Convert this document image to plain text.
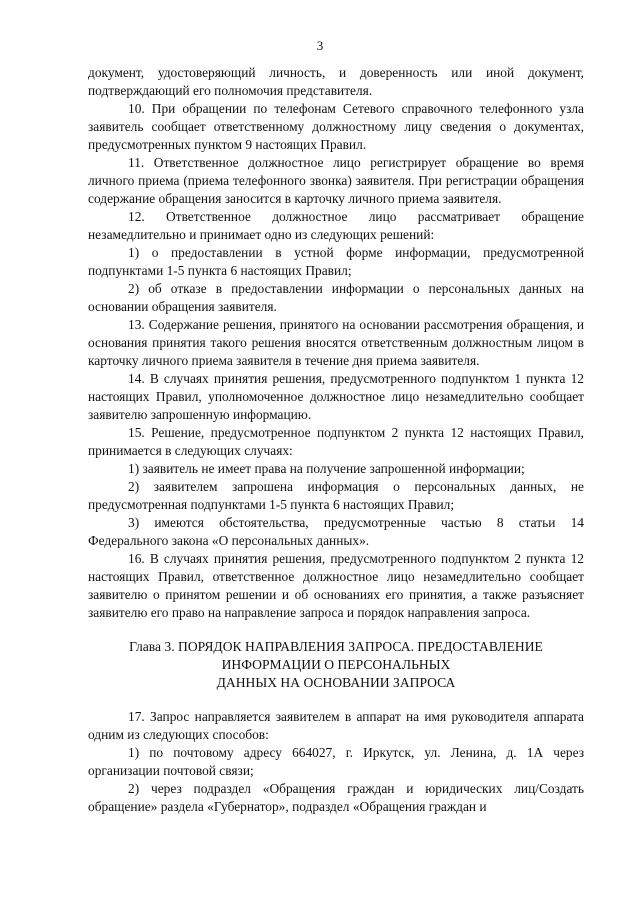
3

документ, удостоверяющий личность, и доверенность или иной документ, подтверждающий его полномочия представителя.

10. При обращении по телефонам Сетевого справочного телефонного узла заявитель сообщает ответственному должностному лицу сведения о документах, предусмотренных пунктом 9 настоящих Правил.

11. Ответственное должностное лицо регистрирует обращение во время личного приема (приема телефонного звонка) заявителя. При регистрации обращения содержание обращения заносится в карточку личного приема заявителя.

12. Ответственное должностное лицо рассматривает обращение незамедлительно и принимает одно из следующих решений:

1) о предоставлении в устной форме информации, предусмотренной подпунктами 1-5 пункта 6 настоящих Правил;

2) об отказе в предоставлении информации о персональных данных на основании обращения заявителя.

13. Содержание решения, принятого на основании рассмотрения обращения, и основания принятия такого решения вносятся ответственным должностным лицом в карточку личного приема заявителя в течение дня приема заявителя.

14. В случаях принятия решения, предусмотренного подпунктом 1 пункта 12 настоящих Правил, уполномоченное должностное лицо незамедлительно сообщает заявителю запрошенную информацию.

15. Решение, предусмотренное подпунктом 2 пункта 12 настоящих Правил, принимается в следующих случаях:

1) заявитель не имеет права на получение запрошенной информации;

2) заявителем запрошена информация о персональных данных, не предусмотренная подпунктами 1-5 пункта 6 настоящих Правил;

3) имеются обстоятельства, предусмотренные частью 8 статьи 14 Федерального закона «О персональных данных».

16. В случаях принятия решения, предусмотренного подпунктом 2 пункта 12 настоящих Правил, ответственное должностное лицо незамедлительно сообщает заявителю о принятом решении и об основаниях его принятия, а также разъясняет заявителю его право на направление запроса и порядок направления запроса.

Глава 3. ПОРЯДОК НАПРАВЛЕНИЯ ЗАПРОСА. ПРЕДОСТАВЛЕНИЕ
ИНФОРМАЦИИ О ПЕРСОНАЛЬНЫХ
ДАННЫХ НА ОСНОВАНИИ ЗАПРОСА

17. Запрос направляется заявителем в аппарат на имя руководителя аппарата одним из следующих способов:

1) по почтовому адресу 664027, г. Иркутск, ул. Ленина, д. 1А через организации почтовой связи;

2) через подраздел «Обращения граждан и юридических лиц/Создать обращение» раздела «Губернатор», подраздел «Обращения граждан и
